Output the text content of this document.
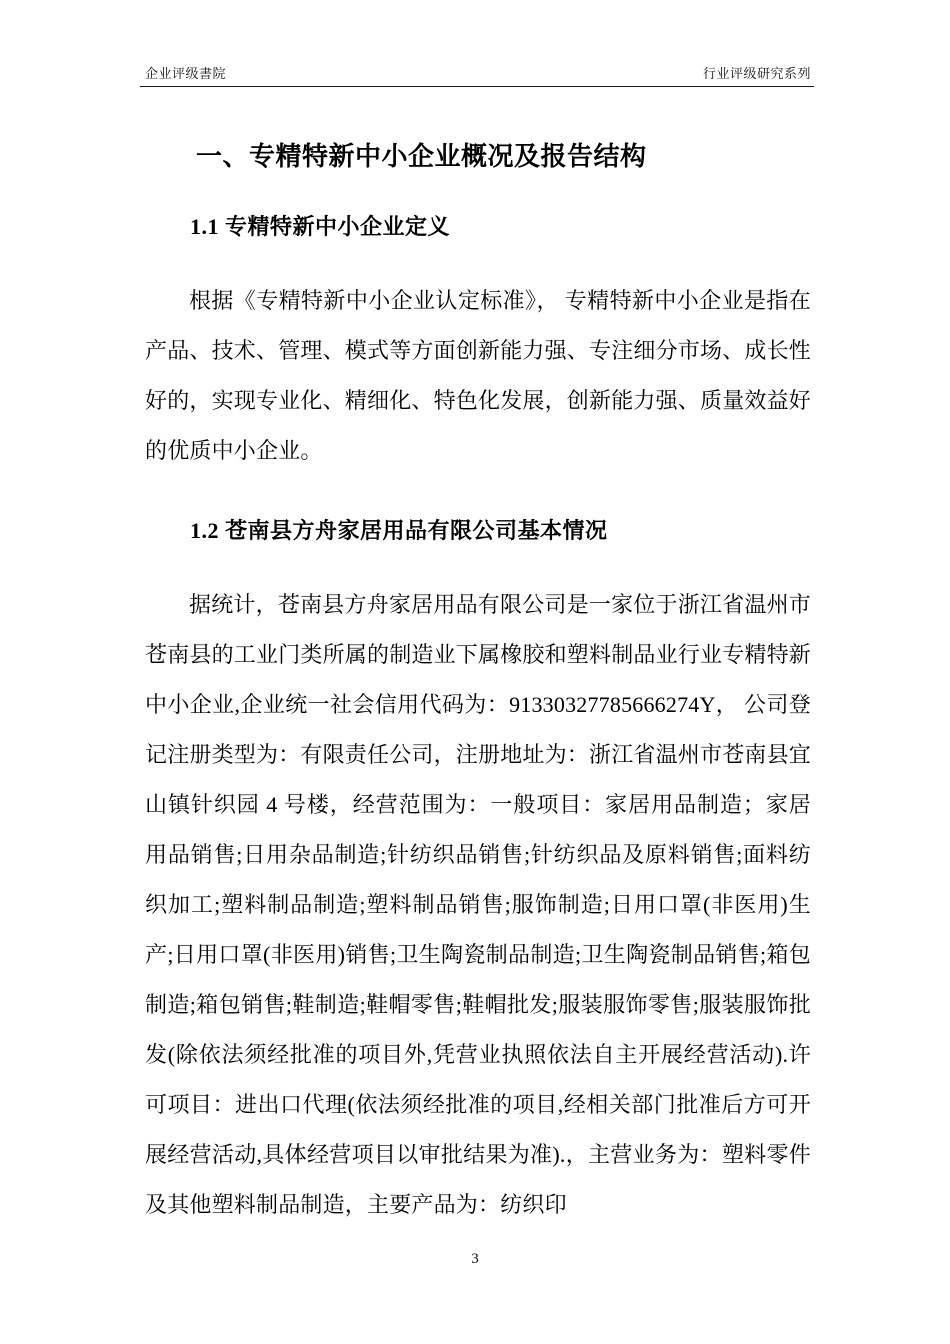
企业评级書院	行业评级研究系列
一、专精特新中小企业概况及报告结构
1.1 专精特新中小企业定义

根据《专精特新中小企业认定标准》， 专精特新中小企业是指在产品、技术、管理、模式等方面创新能力强、专注细分市场、成长性好的，实现专业化、精细化、特色化发展，创新能力强、质量效益好的优质中小企业。

1.2 苍南县方舟家居用品有限公司基本情况

据统计，苍南县方舟家居用品有限公司是一家位于浙江省温州市苍南县的工业门类所属的制造业下属橡胶和塑料制品业行业专精特新中小企业,企业统一社会信用代码为：91330327785666274Y， 公司登记注册类型为：有限责任公司，注册地址为：浙江省温州市苍南县宜山镇针织园 4 号楼，经营范围为：一般项目：家居用品制造；家居用品销售;日用杂品制造;针纺织品销售;针纺织品及原料销售;面料纺织加工;塑料制品制造;塑料制品销售;服饰制造;日用口罩(非医用)生产;日用口罩(非医用)销售;卫生陶瓷制品制造;卫生陶瓷制品销售;箱包制造;箱包销售;鞋制造;鞋帽零售;鞋帽批发;服装服饰零售;服装服饰批发(除依法须经批准的项目外,凭营业执照依法自主开展经营活动).许可项目：进出口代理(依法须经批准的项目,经相关部门批准后方可开展经营活动,具体经营项目以审批结果为准).，主营业务为：塑料零件及其他塑料制品制造，主要产品为：纺织印

3
